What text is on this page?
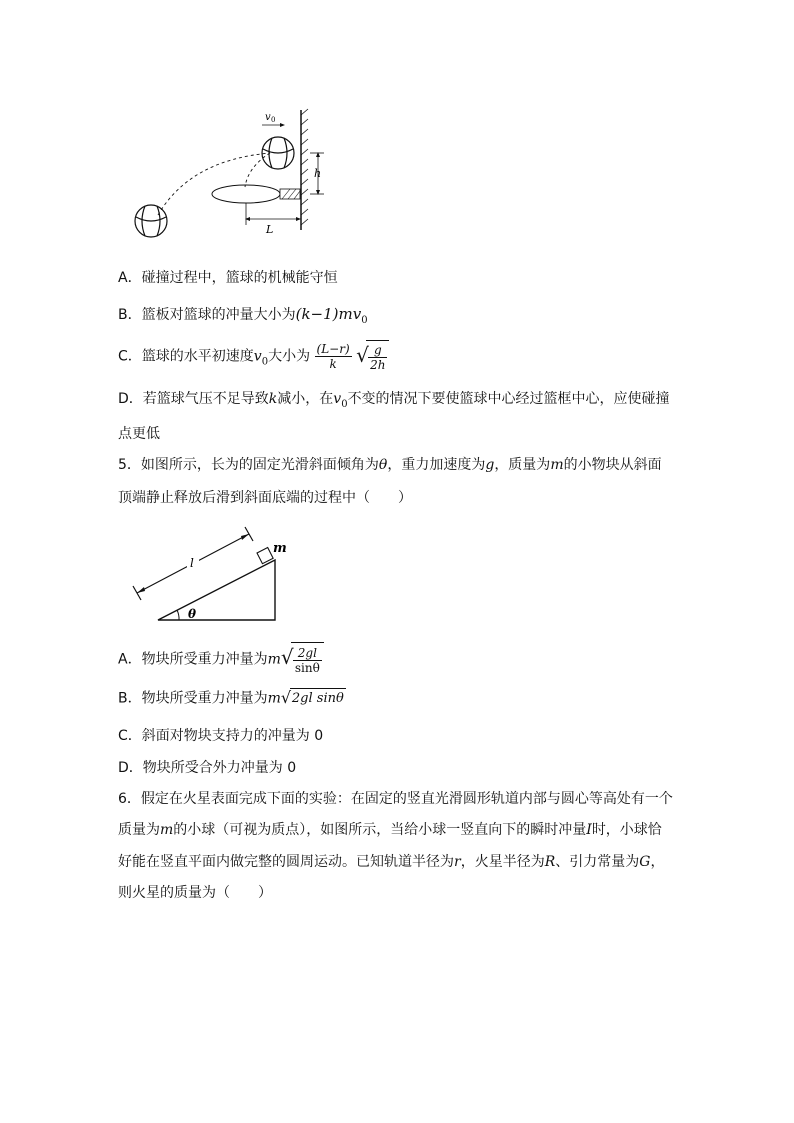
v 0
h
L
A．碰撞过程中，篮球的机械能守恒
B．篮板对篮球的冲量大小为$(k-1)mv_0$
C．篮球的水平初速度$v_0$大小为 $\frac{(L-r)}{k}$
√ $\frac{g}{2h}$
D．若篮球气压不足导致k减小，在$v_0$不变的情况下要使篮球中心经过篮框中心，应使碰撞
点更低
5．如图所示，长为的固定光滑斜面倾角为θ，重力加速度为g，质量为m的小物块从斜面
顶端静止释放后滑到斜面底端的过程中（　　）
l
m
θ
A．物块所受重力冲量为m √ $\frac{2gl}{\sin\theta}$
B．物块所受重力冲量为m √ 2gl sinθ
C．斜面对物块支持力的冲量为 0
D．物块所受合外力冲量为 0
6．假定在火星表面完成下面的实验：在固定的竖直光滑圆形轨道内部与圆心等高处有一个
质量为m的小球（可视为质点），如图所示，当给小球一竖直向下的瞬时冲量I时，小球恰
好能在竖直平面内做完整的圆周运动。已知轨道半径为r，火星半径为R、引力常量为G，
则火星的质量为（　　）
